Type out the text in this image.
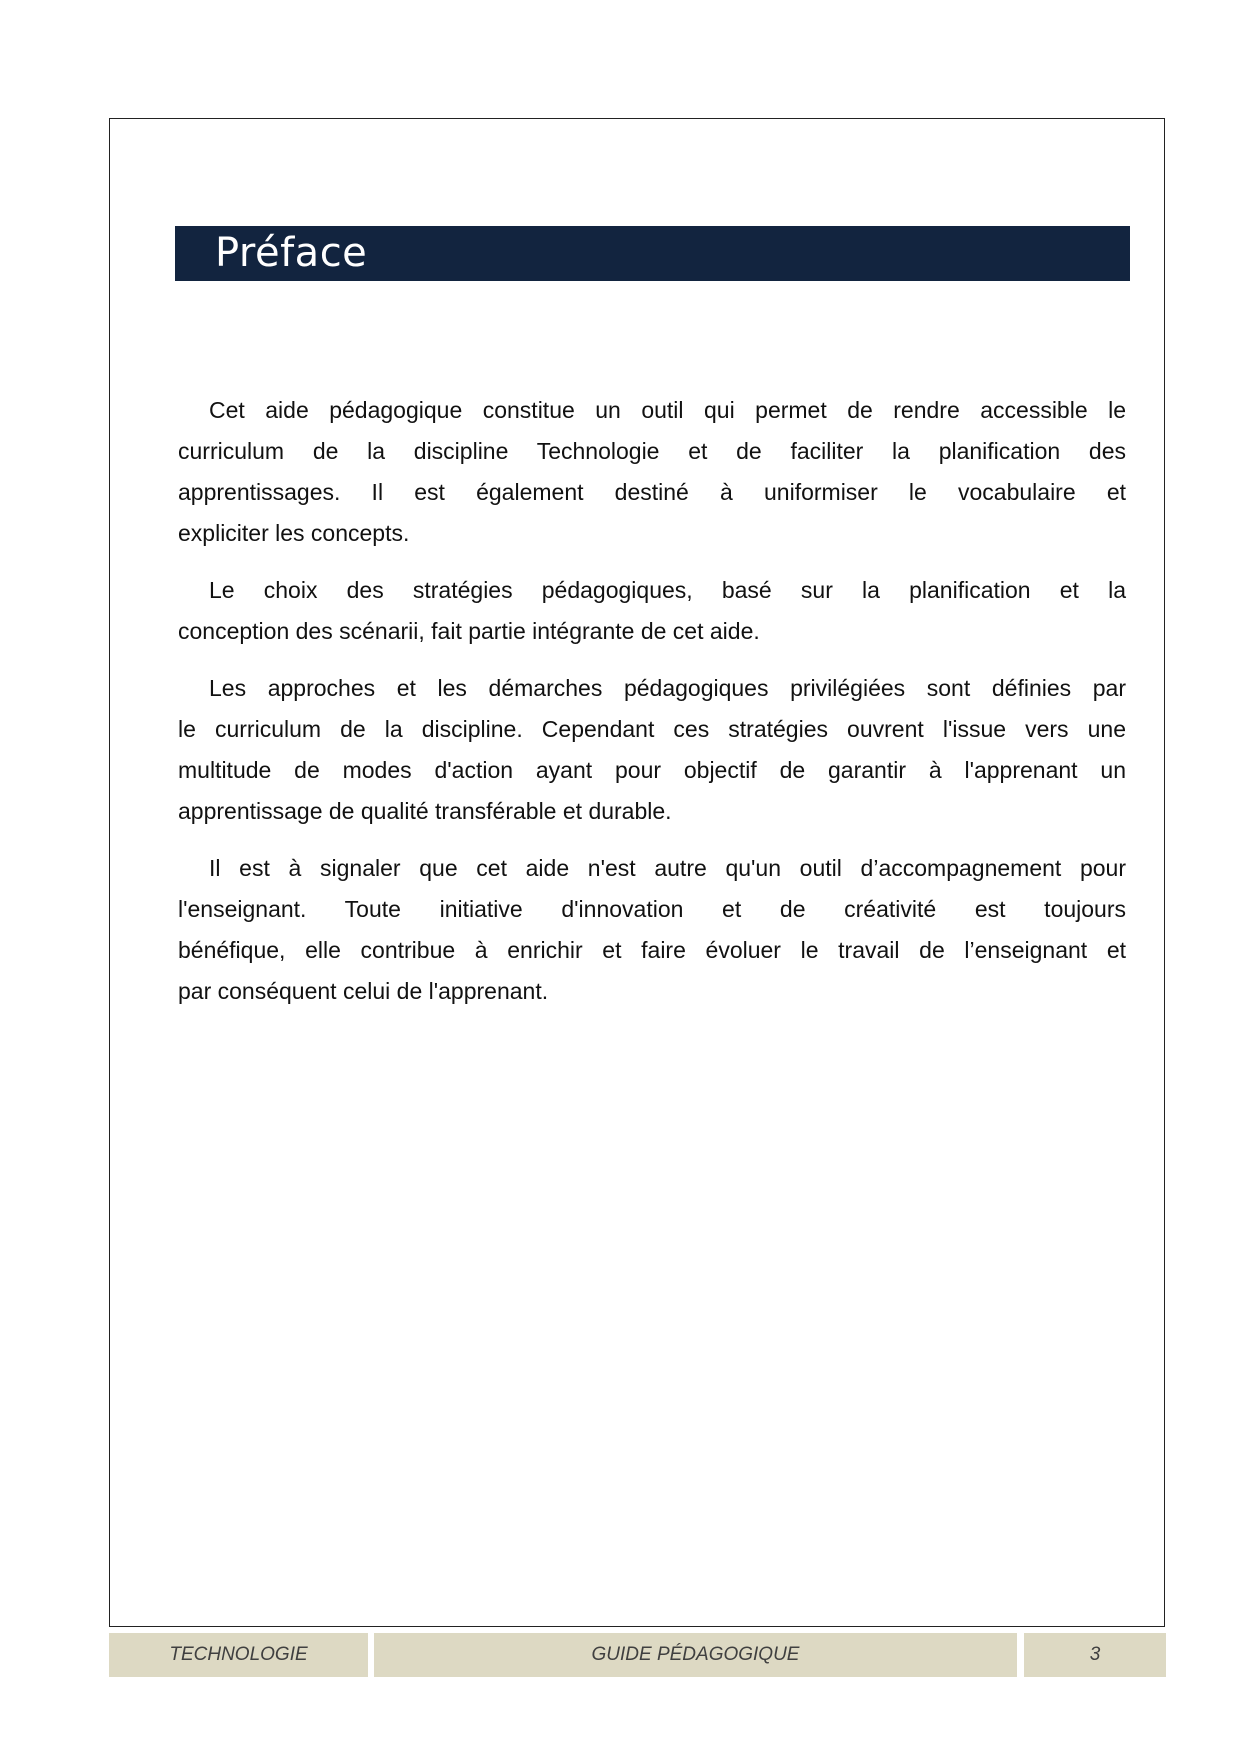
Préface
Cet aide pédagogique constitue un outil qui permet de rendre accessible le
curriculum de la discipline Technologie et de faciliter la planification des
apprentissages. Il est également destiné à uniformiser le vocabulaire et
expliciter les concepts.
Le choix des stratégies pédagogiques, basé sur la planification et la
conception des scénarii, fait partie intégrante de cet aide.
Les approches et les démarches pédagogiques privilégiées sont définies par
le curriculum de la discipline. Cependant ces stratégies ouvrent l'issue vers une
multitude de modes d'action ayant pour objectif de garantir à l'apprenant un
apprentissage de qualité transférable et durable.
Il est à signaler que cet aide n'est autre qu'un outil d’accompagnement pour
l'enseignant. Toute initiative d'innovation et de créativité est toujours
bénéfique, elle contribue à enrichir et faire évoluer le travail de l’enseignant et
par conséquent celui de l'apprenant.
TECHNOLOGIE	GUIDE PÉDAGOGIQUE	3
